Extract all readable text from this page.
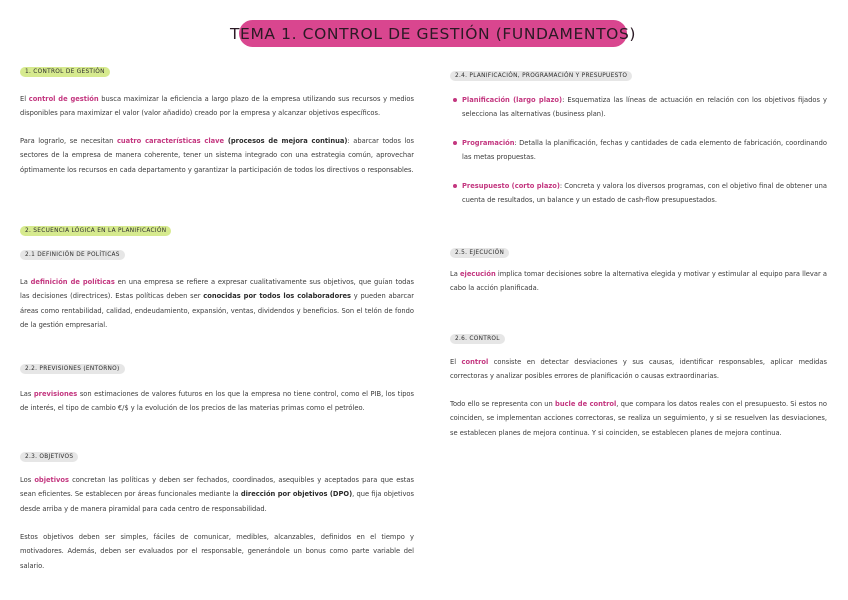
TEMA 1. CONTROL DE GESTIÓN (FUNDAMENTOS)
1. CONTROL DE GESTIÓN

El control de gestión busca maximizar la eficiencia a largo plazo de la empresa utilizando sus recursos y medios disponibles para maximizar el valor (valor añadido) creado por la empresa y alcanzar objetivos específicos.

Para lograrlo, se necesitan cuatro características clave (procesos de mejora continua): abarcar todos los sectores de la empresa de manera coherente, tener un sistema integrado con una estrategia común, aprovechar óptimamente los recursos en cada departamento y garantizar la participación de todos los directivos o responsables.

2. SECUENCIA LÓGICA EN LA PLANIFICACIÓN
2.1 DEFINICIÓN DE POLÍTICAS

La definición de políticas en una empresa se refiere a expresar cualitativamente sus objetivos, que guían todas las decisiones (directrices). Estas políticas deben ser conocidas por todos los colaboradores y pueden abarcar áreas como rentabilidad, calidad, endeudamiento, expansión, ventas, dividendos y beneficios. Son el telón de fondo de la gestión empresarial.

2.2. PREVISIONES (ENTORNO)

Las previsiones son estimaciones de valores futuros en los que la empresa no tiene control, como el PIB, los tipos de interés, el tipo de cambio €/$ y la evolución de los precios de las materias primas como el petróleo.

2.3. OBJETIVOS

Los objetivos concretan las políticas y deben ser fechados, coordinados, asequibles y aceptados para que estas sean eficientes. Se establecen por áreas funcionales mediante la dirección por objetivos (DPO), que fija objetivos desde arriba y de manera piramidal para cada centro de responsabilidad.

Estos objetivos deben ser simples, fáciles de comunicar, medibles, alcanzables, definidos en el tiempo y motivadores. Además, deben ser evaluados por el responsable, generándole un bonus como parte variable del salario.

2.4. PLANIFICACIÓN, PROGRAMACIÓN Y PRESUPUESTO
Planificación (largo plazo): Esquematiza las líneas de actuación en relación con los objetivos fijados y selecciona las alternativas (business plan).
Programación: Detalla la planificación, fechas y cantidades de cada elemento de fabricación, coordinando las metas propuestas.
Presupuesto (corto plazo): Concreta y valora los diversos programas, con el objetivo final de obtener una cuenta de resultados, un balance y un estado de cash-flow presupuestados.
2.5. EJECUCIÓN

La ejecución implica tomar decisiones sobre la alternativa elegida y motivar y estimular al equipo para llevar a cabo la acción planificada.

2.6. CONTROL

El control consiste en detectar desviaciones y sus causas, identificar responsables, aplicar medidas correctoras y analizar posibles errores de planificación o causas extraordinarias.

Todo ello se representa con un bucle de control, que compara los datos reales con el presupuesto. Si estos no coinciden, se implementan acciones correctoras, se realiza un seguimiento, y si se resuelven las desviaciones, se establecen planes de mejora continua. Y si coinciden, se establecen planes de mejora continua.
